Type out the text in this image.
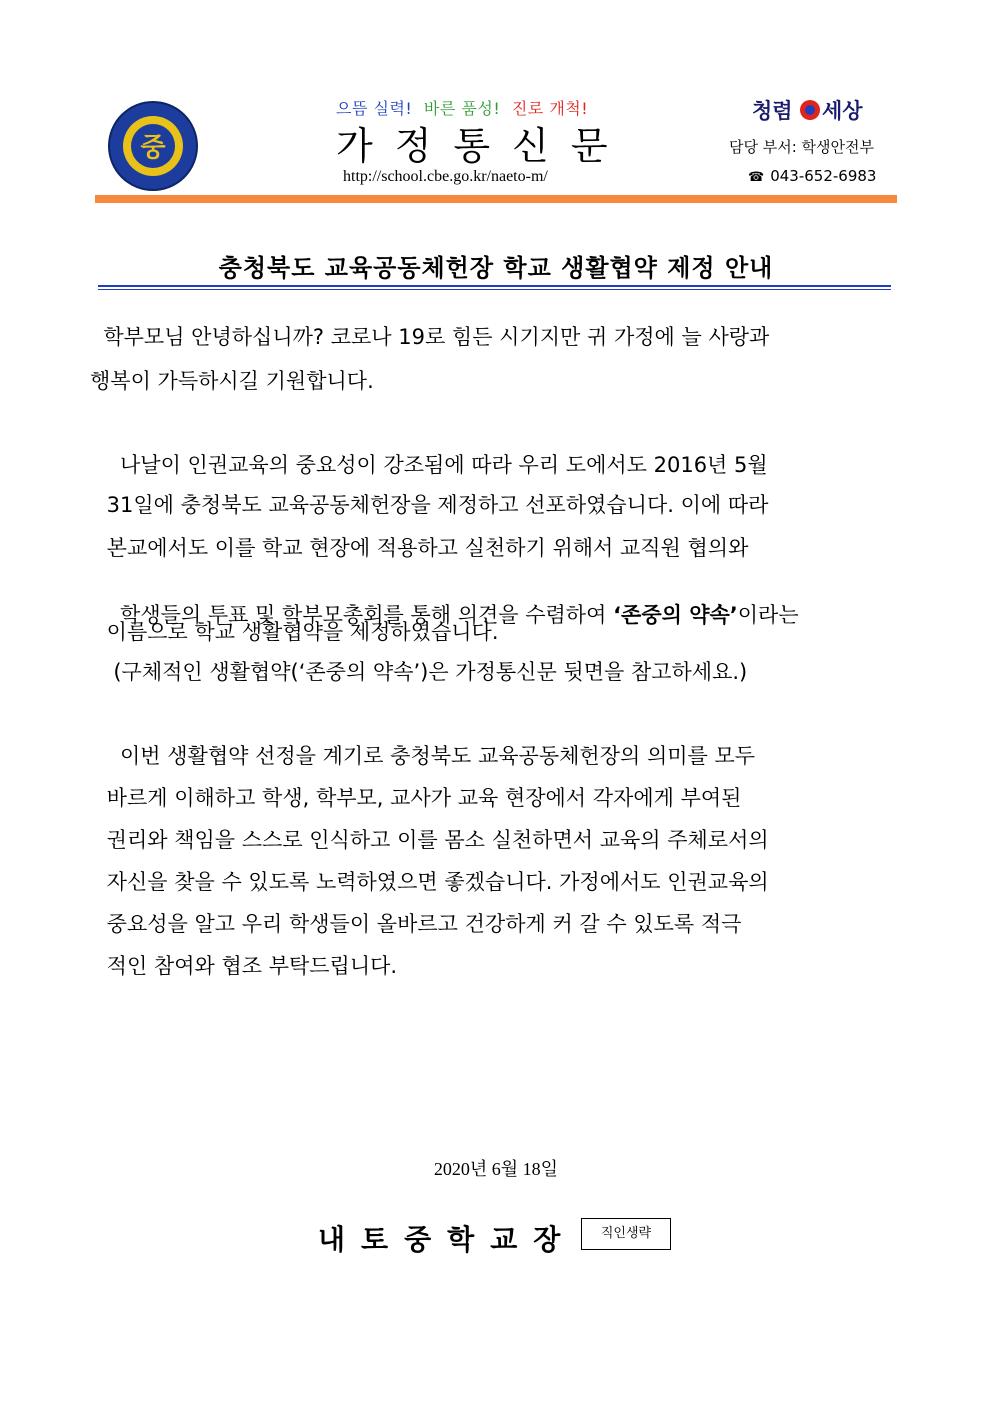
중
으뜸 실력! 바른 품성! 진로 개척!
가정통신문
http://school.cbe.go.kr/naeto-m/
청렴 세상
담당 부서: 학생안전부
☎ 043-652-6983
충청북도 교육공동체헌장 학교 생활협약 제정 안내
학부모님 안녕하십니까? 코로나 19로 힘든 시기지만 귀 가정에 늘 사랑과
행복이 가득하시길 기원합니다.
나날이 인권교육의 중요성이 강조됨에 따라 우리 도에서도 2016년 5월
31일에 충청북도 교육공동체헌장을 제정하고 선포하였습니다. 이에 따라
본교에서도 이를 학교 현장에 적용하고 실천하기 위해서 교직원 협의와

학생들의 투표 및 학부모총회를 통해 의견을 수렴하여 ‘존중의 약속’이라는

이름으로 학교 생활협약을 제정하였습니다.
(구체적인 생활협약(‘존중의 약속’)은 가정통신문 뒷면을 참고하세요.)
이번 생활협약 선정을 계기로 충청북도 교육공동체헌장의 의미를 모두
바르게 이해하고 학생, 학부모, 교사가 교육 현장에서 각자에게 부여된
권리와 책임을 스스로 인식하고 이를 몸소 실천하면서 교육의 주체로서의
자신을 찾을 수 있도록 노력하였으면 좋겠습니다. 가정에서도 인권교육의
중요성을 알고 우리 학생들이 올바르고 건강하게 커 갈 수 있도록 적극
적인 참여와 협조 부탁드립니다.
2020년 6월 18일
내토중학교장	직인생략
